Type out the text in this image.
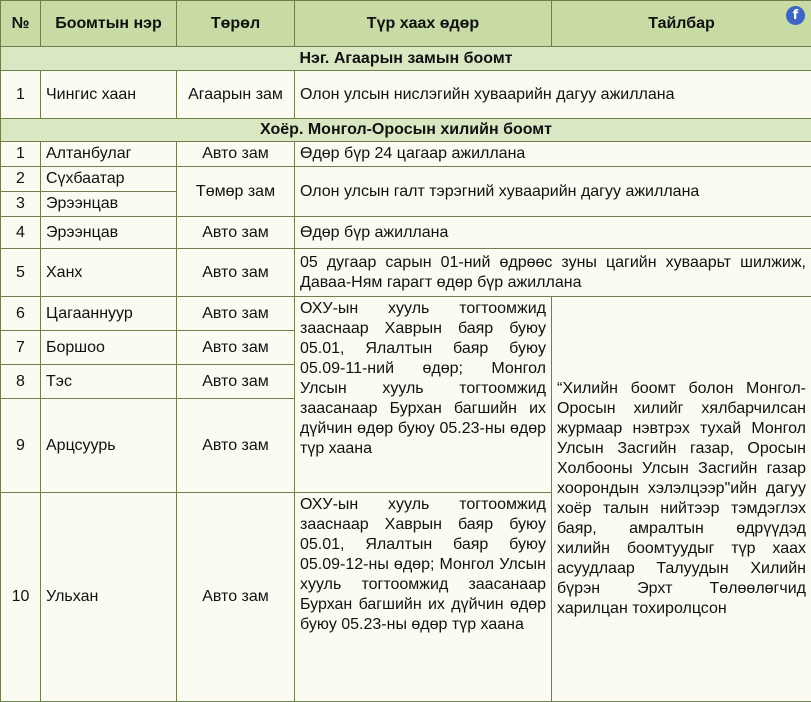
№	Боомтын нэр	Төрөл	Түр хаах өдөр	Тайлбар
Нэг. Агаарын замын боомт				
1	Чингис хаан	Агаарын зам	Олон улсын нислэгийн хуваарийн дагуу ажиллана	
Хоёр. Монгол-Оросын хилийн боомт				
1	Алтанбулаг	Авто зам	Өдөр бүр 24 цагаар ажиллана	
2	Сүхбаатар	Төмөр зам	Олон улсын галт тэрэгний хуваарийн дагуу ажиллана	
3	Эрээнцав			
4	Эрээнцав	Авто зам	Өдөр бүр ажиллана	
5	Ханх	Авто зам	05 дугаар сарын 01-ний өдрөөс зуны цагийн хуваарьт шилжиж, Даваа-Ням гарагт өдөр бүр ажиллана	
6	Цагааннуур	Авто зам	ОХУ-ын хууль тогтоомжид зааснаар Хаврын баяр буюу 05.01, Ялалтын баяр буюу 05.09-11-ний өдөр; Монгол Улсын хууль тогтоомжид заасанаар Бурхан багшийн их дүйчин өдөр буюу 05.23-ны өдөр түр хаана	“Хилийн боомт болон Монгол-Оросын хилийг хялбарчилсан журмаар нэвтрэх тухай Монгол Улсын Засгийн газар, Оросын Холбооны Улсын Засгийн газар хоорондын хэлэлцээр"ийн дагуу хоёр талын нийтээр тэмдэглэх баяр, амралтын өдрүүдэд хилийн боомтуудыг түр хаах асуудлаар Талуудын Хилийн бүрэн Эрхт Төлөөлөгчид харилцан тохиролцсон
7	Боршоо	Авто зам		
8	Тэс	Авто зам		
9	Арцсуурь	Авто зам		
10	Ульхан	Авто зам	ОХУ-ын хууль тогтоомжид зааснаар Хаврын баяр буюу 05.01, Ялалтын баяр буюу 05.09-12-ны өдөр; Монгол Улсын хууль тогтоомжид заасанаар Бурхан багшийн их дүйчин өдөр буюу 05.23-ны өдөр түр хаана	
f
